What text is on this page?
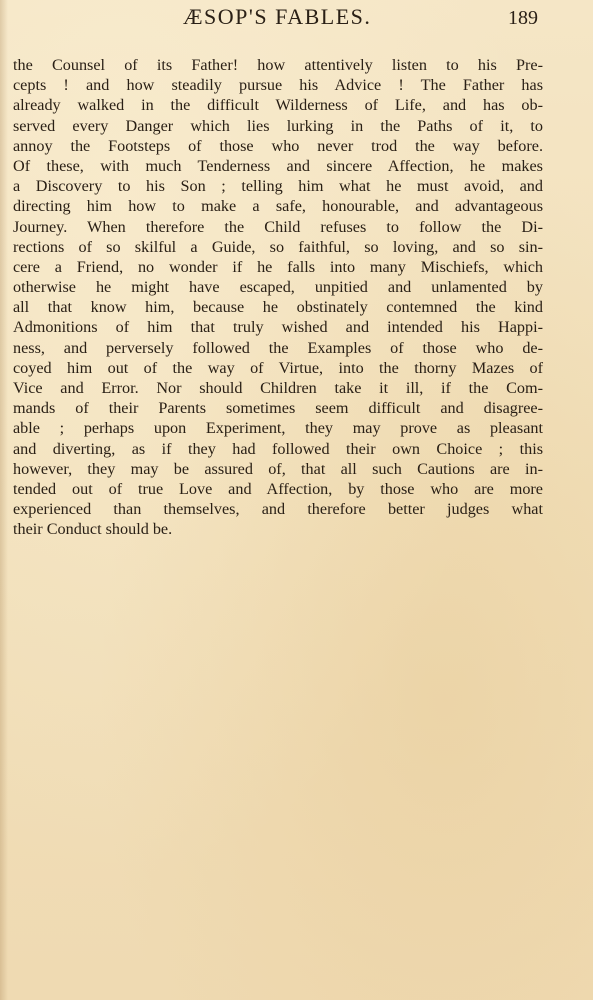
ÆSOP'S FABLES.	189
the Counsel of its Father! how attentively listen to his Pre-
cepts ! and how steadily pursue his Advice ! The Father has
already walked in the difficult Wilderness of Life, and has ob-
served every Danger which lies lurking in the Paths of it, to
annoy the Footsteps of those who never trod the way before.
Of these, with much Tenderness and sincere Affection, he makes
a Discovery to his Son ; telling him what he must avoid, and
directing him how to make a safe, honourable, and advantageous
Journey. When therefore the Child refuses to follow the Di-
rections of so skilful a Guide, so faithful, so loving, and so sin-
cere a Friend, no wonder if he falls into many Mischiefs, which
otherwise he might have escaped, unpitied and unlamented by
all that know him, because he obstinately contemned the kind
Admonitions of him that truly wished and intended his Happi-
ness, and perversely followed the Examples of those who de-
coyed him out of the way of Virtue, into the thorny Mazes of
Vice and Error. Nor should Children take it ill, if the Com-
mands of their Parents sometimes seem difficult and disagree-
able ; perhaps upon Experiment, they may prove as pleasant
and diverting, as if they had followed their own Choice ; this
however, they may be assured of, that all such Cautions are in-
tended out of true Love and Affection, by those who are more
experienced than themselves, and therefore better judges what
their Conduct should be.
